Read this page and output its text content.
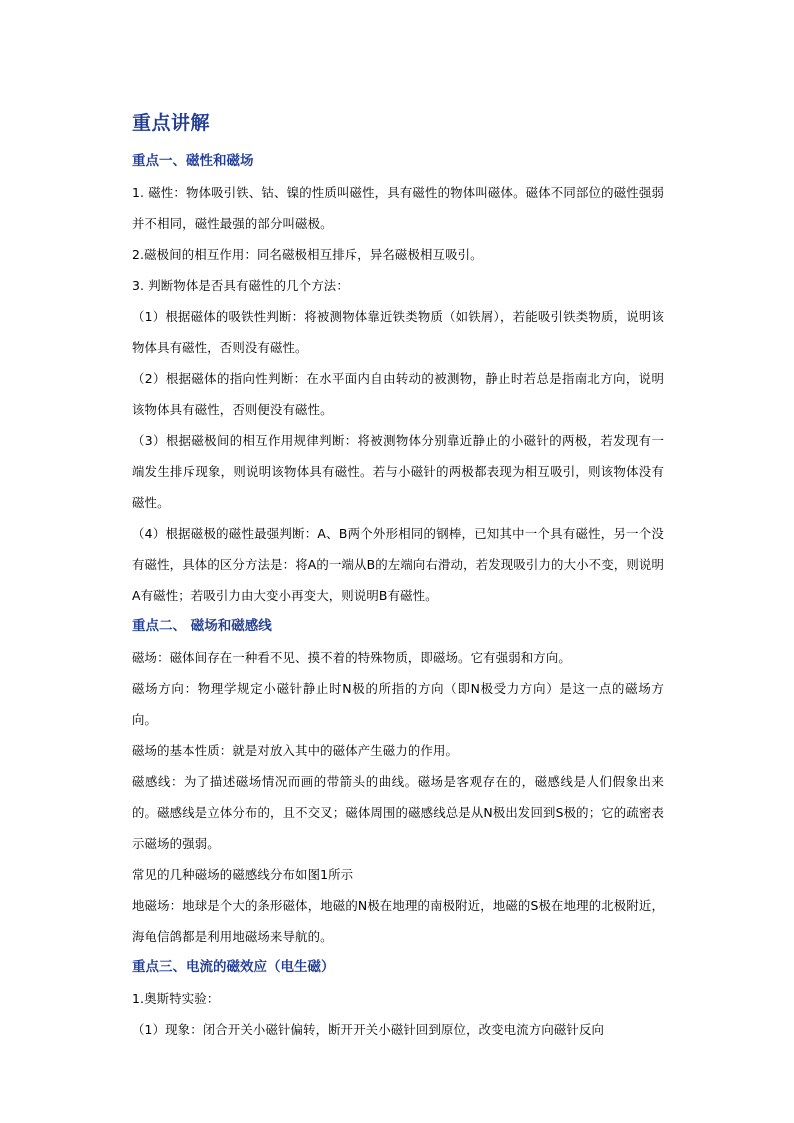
重点讲解
重点一、磁性和磁场

1. 磁性：物体吸引铁、钴、镍的性质叫磁性，具有磁性的物体叫磁体。磁体不同部位的磁性强弱并不相同，磁性最强的部分叫磁极。

2.磁极间的相互作用：同名磁极相互排斥，异名磁极相互吸引。

3. 判断物体是否具有磁性的几个方法：

（1）根据磁体的吸铁性判断：将被测物体靠近铁类物质（如铁屑），若能吸引铁类物质，说明该物体具有磁性，否则没有磁性。

（2）根据磁体的指向性判断：在水平面内自由转动的被测物，静止时若总是指南北方向，说明该物体具有磁性，否则便没有磁性。

（3）根据磁极间的相互作用规律判断：将被测物体分别靠近静止的小磁针的两极，若发现有一端发生排斥现象，则说明该物体具有磁性。若与小磁针的两极都表现为相互吸引，则该物体没有磁性。

（4）根据磁极的磁性最强判断：A、B两个外形相同的钢棒，已知其中一个具有磁性，另一个没有磁性，具体的区分方法是：将A的一端从B的左端向右滑动，若发现吸引力的大小不变，则说明A有磁性；若吸引力由大变小再变大，则说明B有磁性。

重点二、 磁场和磁感线

磁场：磁体间存在一种看不见、摸不着的特殊物质，即磁场。它有强弱和方向。

磁场方向：物理学规定小磁针静止时N极的所指的方向（即N极受力方向）是这一点的磁场方向。

磁场的基本性质：就是对放入其中的磁体产生磁力的作用。

磁感线：为了描述磁场情况而画的带箭头的曲线。磁场是客观存在的，磁感线是人们假象出来的。磁感线是立体分布的，且不交叉；磁体周围的磁感线总是从N极出发回到S极的；它的疏密表示磁场的强弱。

常见的几种磁场的磁感线分布如图1所示

地磁场：地球是个大的条形磁体，地磁的N极在地理的南极附近，地磁的S极在地理的北极附近，海龟信鸽都是利用地磁场来导航的。

重点三、电流的磁效应（电生磁）

1.奥斯特实验：

（1）现象：闭合开关小磁针偏转，断开开关小磁针回到原位，改变电流方向磁针反向
